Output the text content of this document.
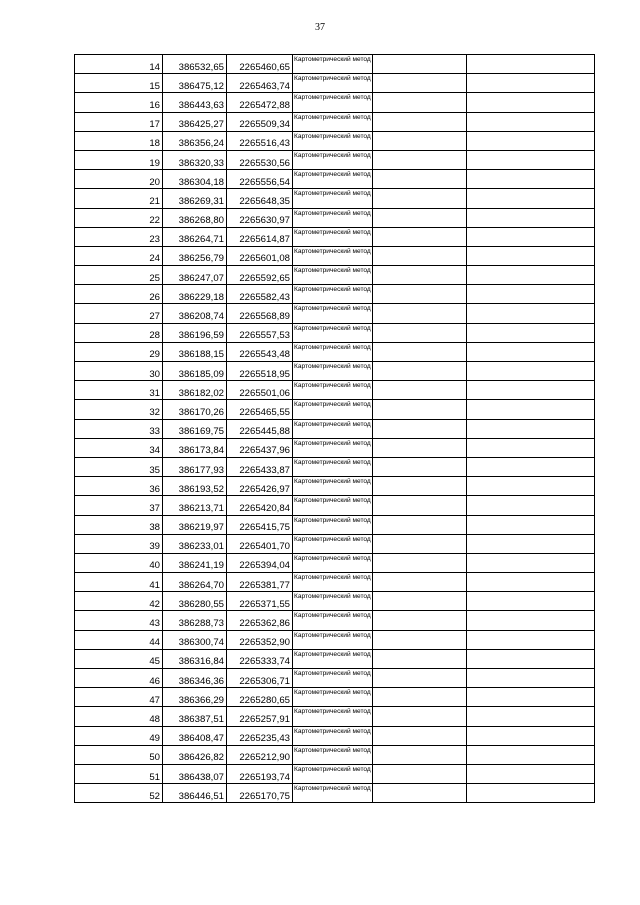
37
14	386532,65	2265460,65	Картометрический метод		
15	386475,12	2265463,74	Картометрический метод		
16	386443,63	2265472,88	Картометрический метод		
17	386425,27	2265509,34	Картометрический метод		
18	386356,24	2265516,43	Картометрический метод		
19	386320,33	2265530,56	Картометрический метод		
20	386304,18	2265556,54	Картометрический метод		
21	386269,31	2265648,35	Картометрический метод		
22	386268,80	2265630,97	Картометрический метод		
23	386264,71	2265614,87	Картометрический метод		
24	386256,79	2265601,08	Картометрический метод		
25	386247,07	2265592,65	Картометрический метод		
26	386229,18	2265582,43	Картометрический метод		
27	386208,74	2265568,89	Картометрический метод		
28	386196,59	2265557,53	Картометрический метод		
29	386188,15	2265543,48	Картометрический метод		
30	386185,09	2265518,95	Картометрический метод		
31	386182,02	2265501,06	Картометрический метод		
32	386170,26	2265465,55	Картометрический метод		
33	386169,75	2265445,88	Картометрический метод		
34	386173,84	2265437,96	Картометрический метод		
35	386177,93	2265433,87	Картометрический метод		
36	386193,52	2265426,97	Картометрический метод		
37	386213,71	2265420,84	Картометрический метод		
38	386219,97	2265415,75	Картометрический метод		
39	386233,01	2265401,70	Картометрический метод		
40	386241,19	2265394,04	Картометрический метод		
41	386264,70	2265381,77	Картометрический метод		
42	386280,55	2265371,55	Картометрический метод		
43	386288,73	2265362,86	Картометрический метод		
44	386300,74	2265352,90	Картометрический метод		
45	386316,84	2265333,74	Картометрический метод		
46	386346,36	2265306,71	Картометрический метод		
47	386366,29	2265280,65	Картометрический метод		
48	386387,51	2265257,91	Картометрический метод		
49	386408,47	2265235,43	Картометрический метод		
50	386426,82	2265212,90	Картометрический метод		
51	386438,07	2265193,74	Картометрический метод		
52	386446,51	2265170,75	Картометрический метод		
